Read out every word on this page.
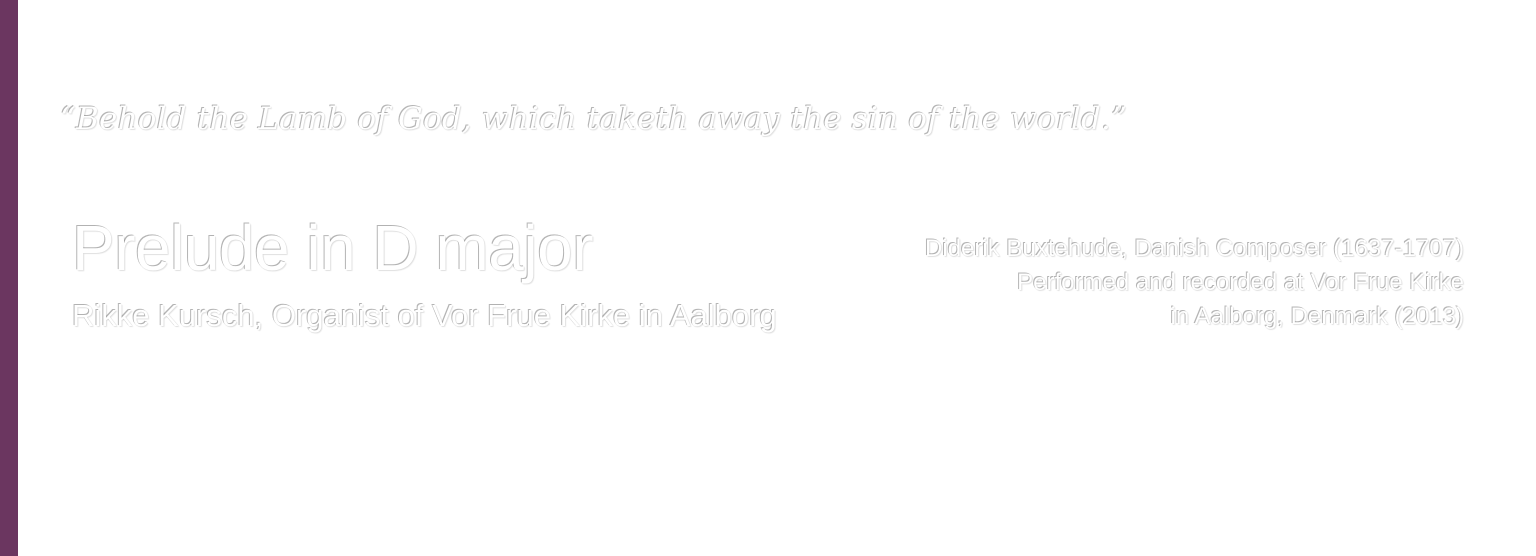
“Behold the Lamb of God, which taketh away the sin of the world.”
Prelude in D major
Rikke Kursch, Organist of Vor Frue Kirke in Aalborg
Diderik Buxtehude, Danish Composer (1637-1707)
Performed and recorded at Vor Frue Kirke
in Aalborg, Denmark (2013)
